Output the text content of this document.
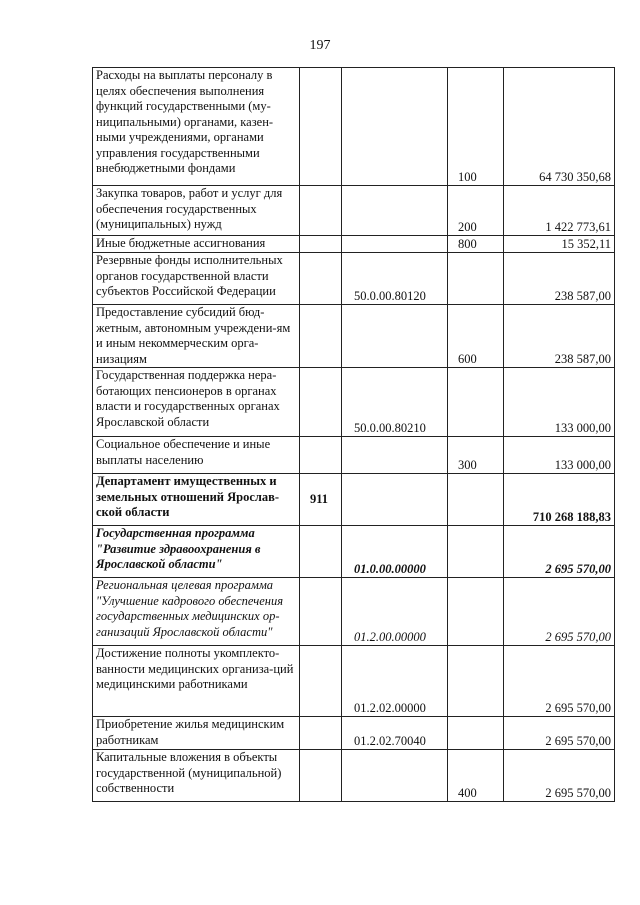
197
Расходы на выплаты персоналу в целях обеспечения выполнения функций государственными (му-ниципальными) органами, казен-ными учреждениями, органами управления государственными внебюджетными фондами			100	64 730 350,68
Закупка товаров, работ и услуг для обеспечения государственных (муниципальных) нужд			200	1 422 773,61
Иные бюджетные ассигнования			800	15 352,11
Резервные фонды исполнительных органов государственной власти субъектов Российской Федерации		50.0.00.80120		238 587,00
Предоставление субсидий бюд-жетным, автономным учреждени-ям и иным некоммерческим орга-низациям			600	238 587,00
Государственная поддержка нера-ботающих пенсионеров в органах власти и государственных органах Ярославской области		50.0.00.80210		133 000,00
Социальное обеспечение и иные выплаты населению			300	133 000,00
Департамент имущественных и земельных отношений Ярослав-ской области	911			710 268 188,83
Государственная программа "Развитие здравоохранения в Ярославской области"		01.0.00.00000		2 695 570,00
Региональная целевая программа "Улучшение кадрового обеспечения государственных медицинских ор-ганизаций Ярославской области"		01.2.00.00000		2 695 570,00
Достижение полноты укомплекто-ванности медицинских организа-ций медицинскими работниками		01.2.02.00000		2 695 570,00
Приобретение жилья медицинским работникам		01.2.02.70040		2 695 570,00
Капитальные вложения в объекты государственной (муниципальной) собственности			400	2 695 570,00
